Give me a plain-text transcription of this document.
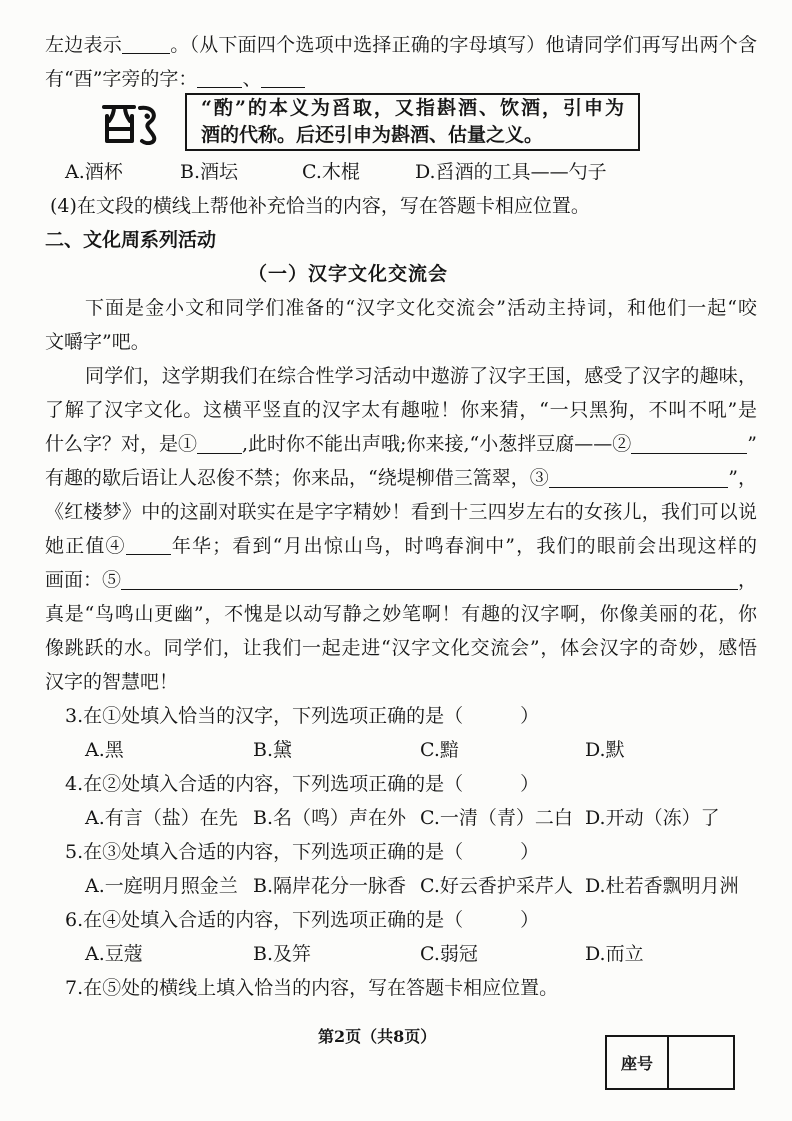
左边表示	。（从下面四个选项中选择正确的字母填写）他请同学们再写出两个含
有“酉”字旁的字： 、
“酌”的本义为舀取，又指斟酒、饮酒，引申为
酒的代称。后还引申为斟酒、估量之义。
A.酒杯	B.酒坛	C.木棍	D.舀酒的工具——勺子
(4)在文段的横线上帮他补充恰当的内容，写在答题卡相应位置。
二、文化周系列活动
（一）汉字文化交流会
下面是金小文和同学们准备的“汉字文化交流会”活动主持词，和他们一起“咬
文嚼字”吧。
同学们，这学期我们在综合性学习活动中遨游了汉字王国，感受了汉字的趣味，
了解了汉字文化。这横平竖直的汉字太有趣啦！你来猜，“一只黑狗，不叫不吼”是
什么字？对，是① ,此时你不能出声哦;你来接,“小葱拌豆腐——②	”
有趣的歇后语让人忍俊不禁；你来品，“绕堤柳借三篙翠，③	”，
《红楼梦》中的这副对联实在是字字精妙！看到十三四岁左右的女孩儿，我们可以说
她正值④ 年华；看到“月出惊山鸟，时鸣春涧中”，我们的眼前会出现这样的
画面：⑤	，
真是“鸟鸣山更幽”，不愧是以动写静之妙笔啊！有趣的汉字啊，你像美丽的花，你
像跳跃的水。同学们，让我们一起走进“汉字文化交流会”，体会汉字的奇妙，感悟
汉字的智慧吧！
3.在①处填入恰当的汉字，下列选项正确的是（　　　）
A.黑	B.黛	C.黯	D.默
4.在②处填入合适的内容，下列选项正确的是（　　　）
A.有言（盐）在先 B.名（鸣）声在外 C.一清（青）二白 D.开动（冻）了
5.在③处填入合适的内容，下列选项正确的是（　　　）
A.一庭明月照金兰 B.隔岸花分一脉香 C.好云香护采芹人 D.杜若香飘明月洲
6.在④处填入合适的内容，下列选项正确的是（　　　）
A.豆蔻	B.及笄	C.弱冠	D.而立
7.在⑤处的横线上填入恰当的内容，写在答题卡相应位置。
第2页（共8页）
座号
